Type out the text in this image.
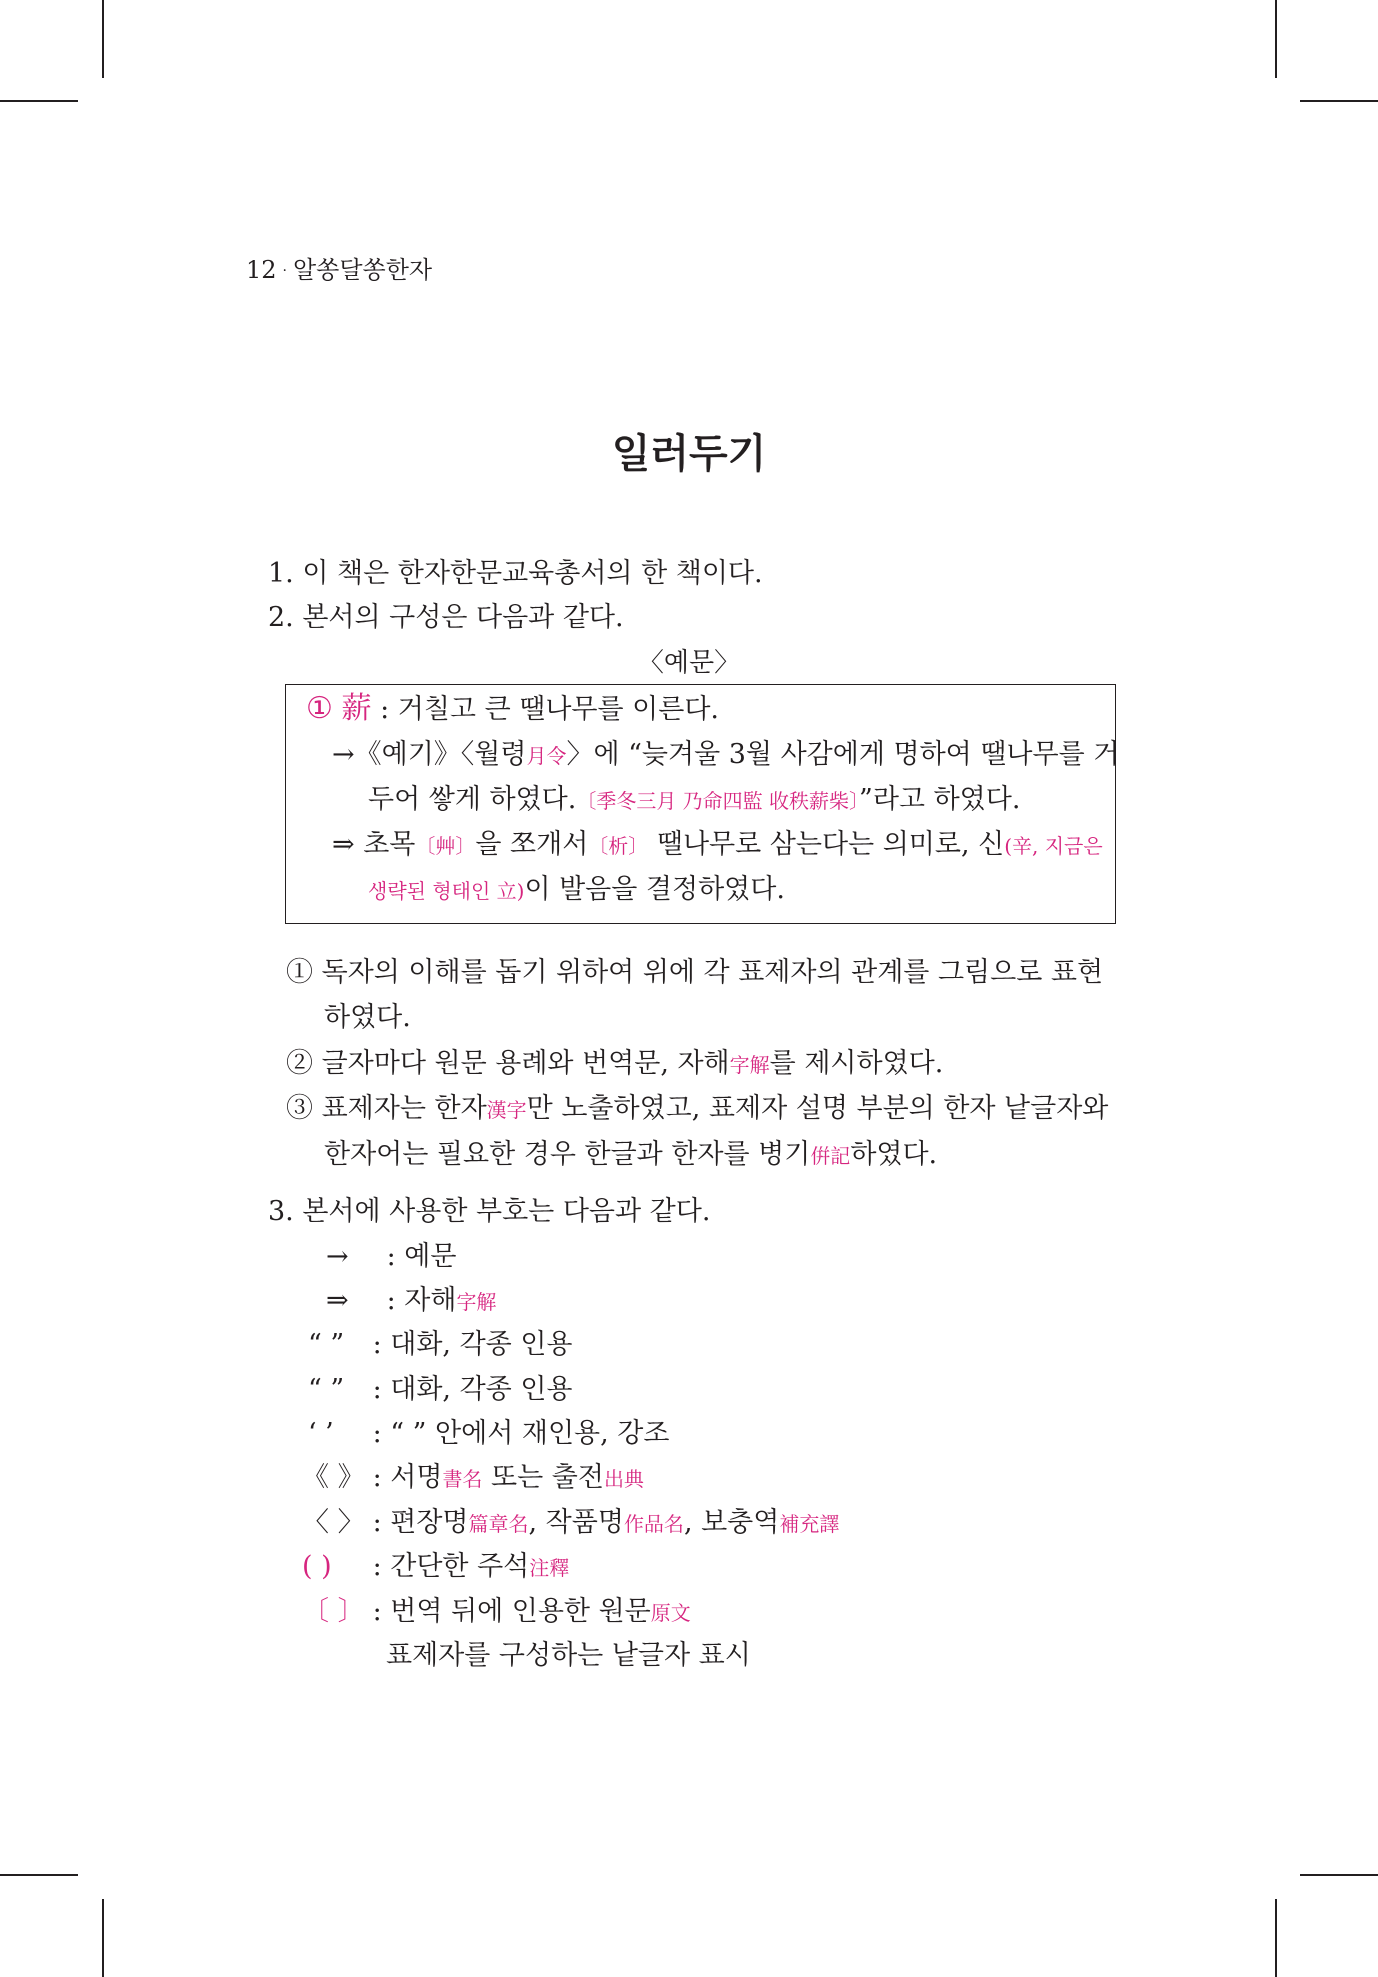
12 · 알쏭달쏭한자
일러두기
1. 이 책은 한자한문교육총서의 한 책이다.
2. 본서의 구성은 다음과 같다.
〈예문〉
① 薪 : 거칠고 큰 땔나무를 이른다.
→《예기》〈월령月令〉에 “늦겨울 3월 사감에게 명하여 땔나무를 거
두어 쌓게 하였다.〔季冬三月 乃命四監 收秩薪柴〕”라고 하였다.
⇒ 초목〔艸〕을 쪼개서〔析〕 땔나무로 삼는다는 의미로, 신(辛, 지금은
생략된 형태인 立)이 발음을 결정하였다.
① 독자의 이해를 돕기 위하여 위에 각 표제자의 관계를 그림으로 표현
하였다.
② 글자마다 원문 용례와 번역문, 자해字解를 제시하였다.
③ 표제자는 한자漢字만 노출하였고, 표제자 설명 부분의 한자 낱글자와
한자어는 필요한 경우 한글과 한자를 병기倂記하였다.
3. 본서에 사용한 부호는 다음과 같다.
→ : 예문
⇒ : 자해字解
“ ” : 대화, 각종 인용
“ ” : 대화, 각종 인용
‘ ’ : “ ” 안에서 재인용, 강조
《 》 : 서명書名 또는 출전出典
〈 〉 : 편장명篇章名, 작품명作品名, 보충역補充譯
( ) : 간단한 주석注釋
〔 〕 : 번역 뒤에 인용한 원문原文
표제자를 구성하는 낱글자 표시
